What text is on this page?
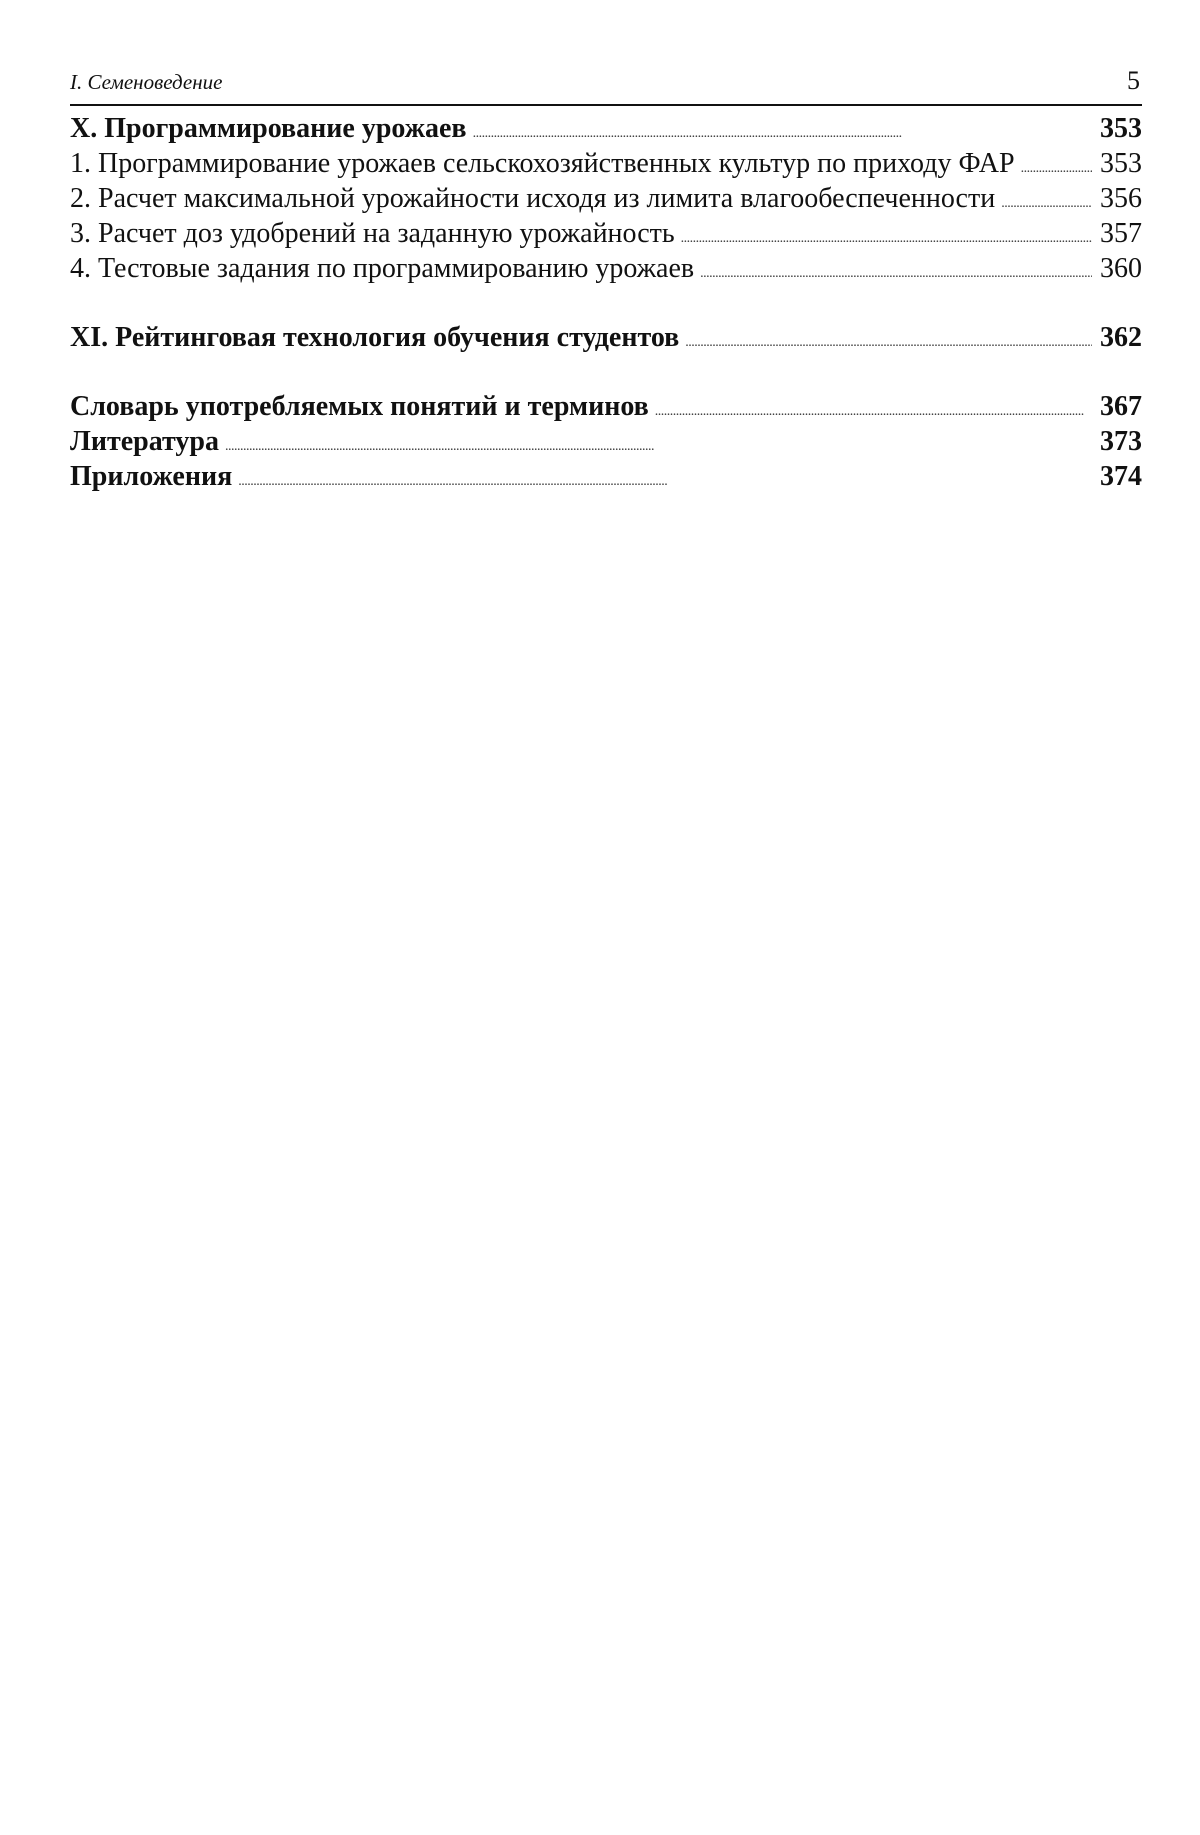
I. Семеноведение	5
X. Программирование урожаев . . .	353
1. Программирование урожаев сельскохозяйственных культур по приходу ФАР . . .	353
2. Расчет максимальной урожайности исходя из лимита влагообеспеченности . . .	356
3. Расчет доз удобрений на заданную урожайность . . .	357
4. Тестовые задания по программированию урожаев . . .	360
XI. Рейтинговая технология обучения студентов . . .	362
Словарь употребляемых понятий и терминов . . .	367
Литература . . .	373
Приложения . . .	374
